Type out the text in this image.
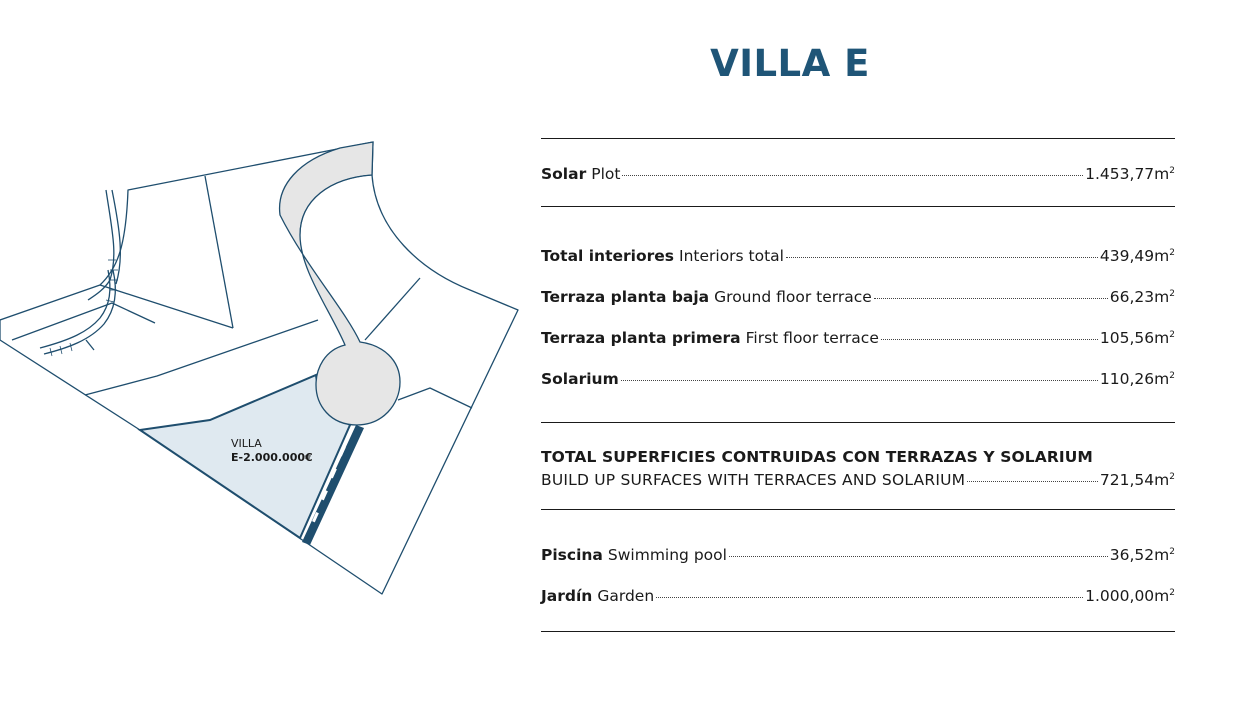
VILLA
E-2.000.000€
VILLA E
Solar Plot	$1.453,77m^2$
Total interiores Interiors total	$439,49m^2$
Terraza planta baja Ground floor terrace	$66,23m^2$
Terraza planta primera First floor terrace	$105,56m^2$
Solarium	$110,26m^2$
TOTAL SUPERFICIES CONTRUIDAS CON TERRAZAS Y SOLARIUM
BUILD UP SURFACES WITH TERRACES AND SOLARIUM	$721,54m^2$
Piscina Swimming pool	$36,52m^2$
Jardín Garden	$1.000,00m^2$
